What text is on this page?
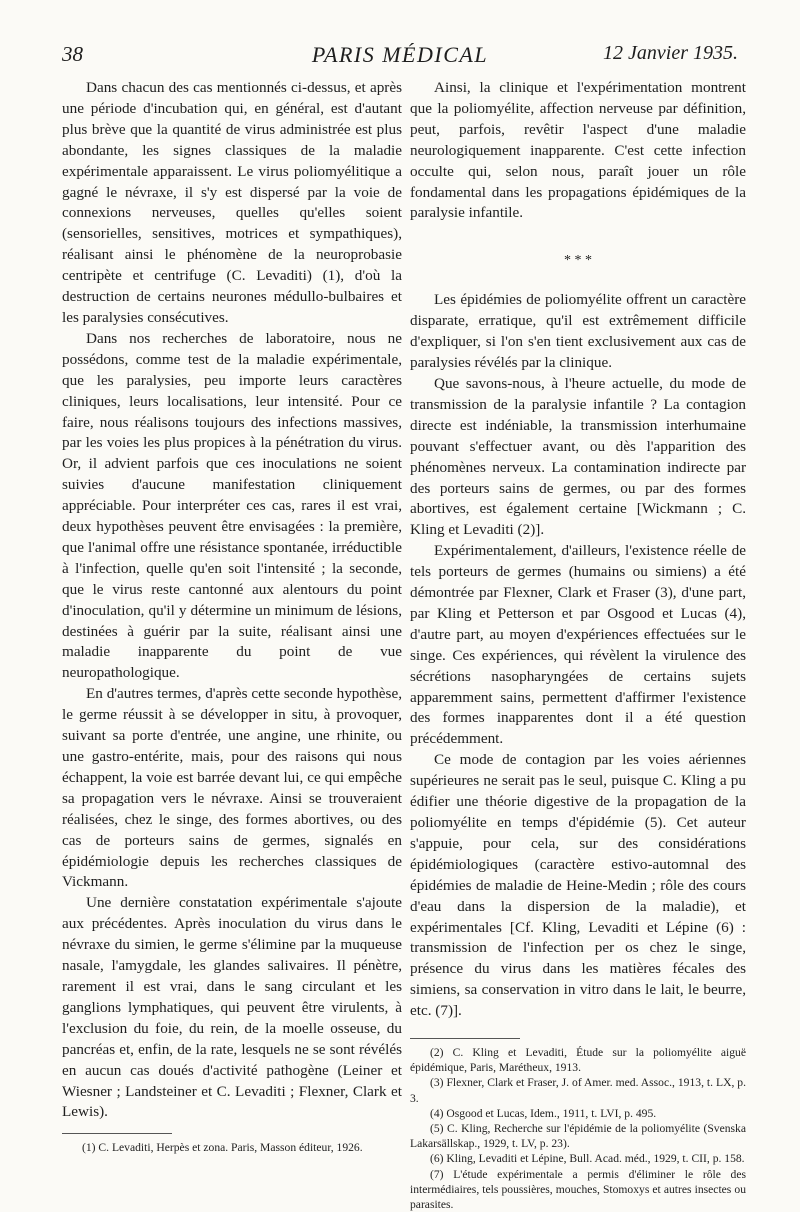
38	PARIS MÉDICAL	12 Janvier 1935.

Dans chacun des cas mentionnés ci-dessus, et après une période d'incubation qui, en général, est d'autant plus brève que la quantité de virus administrée est plus abondante, les signes classiques de la maladie expérimentale apparaissent. Le virus poliomyélitique a gagné le névraxe, il s'y est dispersé par la voie de connexions nerveuses, quelles qu'elles soient (sensorielles, sensitives, motrices et sympathiques), réalisant ainsi le phénomène de la neuroprobasie centripète et centrifuge (C. Levaditi) (1), d'où la destruction de certains neurones médullo-bulbaires et les paralysies consécutives.

Dans nos recherches de laboratoire, nous ne possédons, comme test de la maladie expérimentale, que les paralysies, peu importe leurs caractères cliniques, leurs localisations, leur intensité. Pour ce faire, nous réalisons toujours des infections massives, par les voies les plus propices à la pénétration du virus. Or, il advient parfois que ces inoculations ne soient suivies d'aucune manifestation cliniquement appréciable. Pour interpréter ces cas, rares il est vrai, deux hypothèses peuvent être envisagées : la première, que l'animal offre une résistance spontanée, irréductible à l'infection, quelle qu'en soit l'intensité ; la seconde, que le virus reste cantonné aux alentours du point d'inoculation, qu'il y détermine un minimum de lésions, destinées à guérir par la suite, réalisant ainsi une maladie inapparente du point de vue neuropathologique.

En d'autres termes, d'après cette seconde hypothèse, le germe réussit à se développer in situ, à provoquer, suivant sa porte d'entrée, une angine, une rhinite, ou une gastro-entérite, mais, pour des raisons qui nous échappent, la voie est barrée devant lui, ce qui empêche sa propagation vers le névraxe. Ainsi se trouveraient réalisées, chez le singe, des formes abortives, ou des cas de porteurs sains de germes, signalés en épidémiologie depuis les recherches classiques de Vickmann.

Une dernière constatation expérimentale s'ajoute aux précédentes. Après inoculation du virus dans le névraxe du simien, le germe s'élimine par la muqueuse nasale, l'amygdale, les glandes salivaires. Il pénètre, rarement il est vrai, dans le sang circulant et les ganglions lymphatiques, qui peuvent être virulents, à l'exclusion du foie, du rein, de la moelle osseuse, du pancréas et, enfin, de la rate, lesquels ne se sont révélés en aucun cas doués d'activité pathogène (Leiner et Wiesner ; Landsteiner et C. Levaditi ; Flexner, Clark et Lewis).

(1) C. Levaditi, Herpès et zona. Paris, Masson éditeur, 1926.

Ainsi, la clinique et l'expérimentation montrent que la poliomyélite, affection nerveuse par définition, peut, parfois, revêtir l'aspect d'une maladie neurologiquement inapparente. C'est cette infection occulte qui, selon nous, paraît jouer un rôle fondamental dans les propagations épidémiques de la paralysie infantile.

* * *

Les épidémies de poliomyélite offrent un caractère disparate, erratique, qu'il est extrêmement difficile d'expliquer, si l'on s'en tient exclusivement aux cas de paralysies révélés par la clinique.

Que savons-nous, à l'heure actuelle, du mode de transmission de la paralysie infantile ? La contagion directe est indéniable, la transmission interhumaine pouvant s'effectuer avant, ou dès l'apparition des phénomènes nerveux. La contamination indirecte par des porteurs sains de germes, ou par des formes abortives, est également certaine [Wickmann ; C. Kling et Levaditi (2)].

Expérimentalement, d'ailleurs, l'existence réelle de tels porteurs de germes (humains ou simiens) a été démontrée par Flexner, Clark et Fraser (3), d'une part, par Kling et Petterson et par Osgood et Lucas (4), d'autre part, au moyen d'expériences effectuées sur le singe. Ces expériences, qui révèlent la virulence des sécrétions nasopharyngées de certains sujets apparemment sains, permettent d'affirmer l'existence des formes inapparentes dont il a été question précédemment.

Ce mode de contagion par les voies aériennes supérieures ne serait pas le seul, puisque C. Kling a pu édifier une théorie digestive de la propagation de la poliomyélite en temps d'épidémie (5). Cet auteur s'appuie, pour cela, sur des considérations épidémiologiques (caractère estivo-automnal des épidémies de maladie de Heine-Medin ; rôle des cours d'eau dans la dispersion de la maladie), et expérimentales [Cf. Kling, Levaditi et Lépine (6) : transmission de l'infection per os chez le singe, présence du virus dans les matières fécales des simiens, sa conservation in vitro dans le lait, le beurre, etc. (7)].

(2) C. Kling et Levaditi, Étude sur la poliomyélite aiguë épidémique, Paris, Marétheux, 1913.

(3) Flexner, Clark et Fraser, J. of Amer. med. Assoc., 1913, t. LX, p. 3.

(4) Osgood et Lucas, Idem., 1911, t. LVI, p. 495.

(5) C. Kling, Recherche sur l'épidémie de la poliomyélite (Svenska Lakarsällskap., 1929, t. LV, p. 23).

(6) Kling, Levaditi et Lépine, Bull. Acad. méd., 1929, t. CII, p. 158.

(7) L'étude expérimentale a permis d'éliminer le rôle des intermédiaires, tels poussières, mouches, Stomoxys et autres insectes ou parasites.
